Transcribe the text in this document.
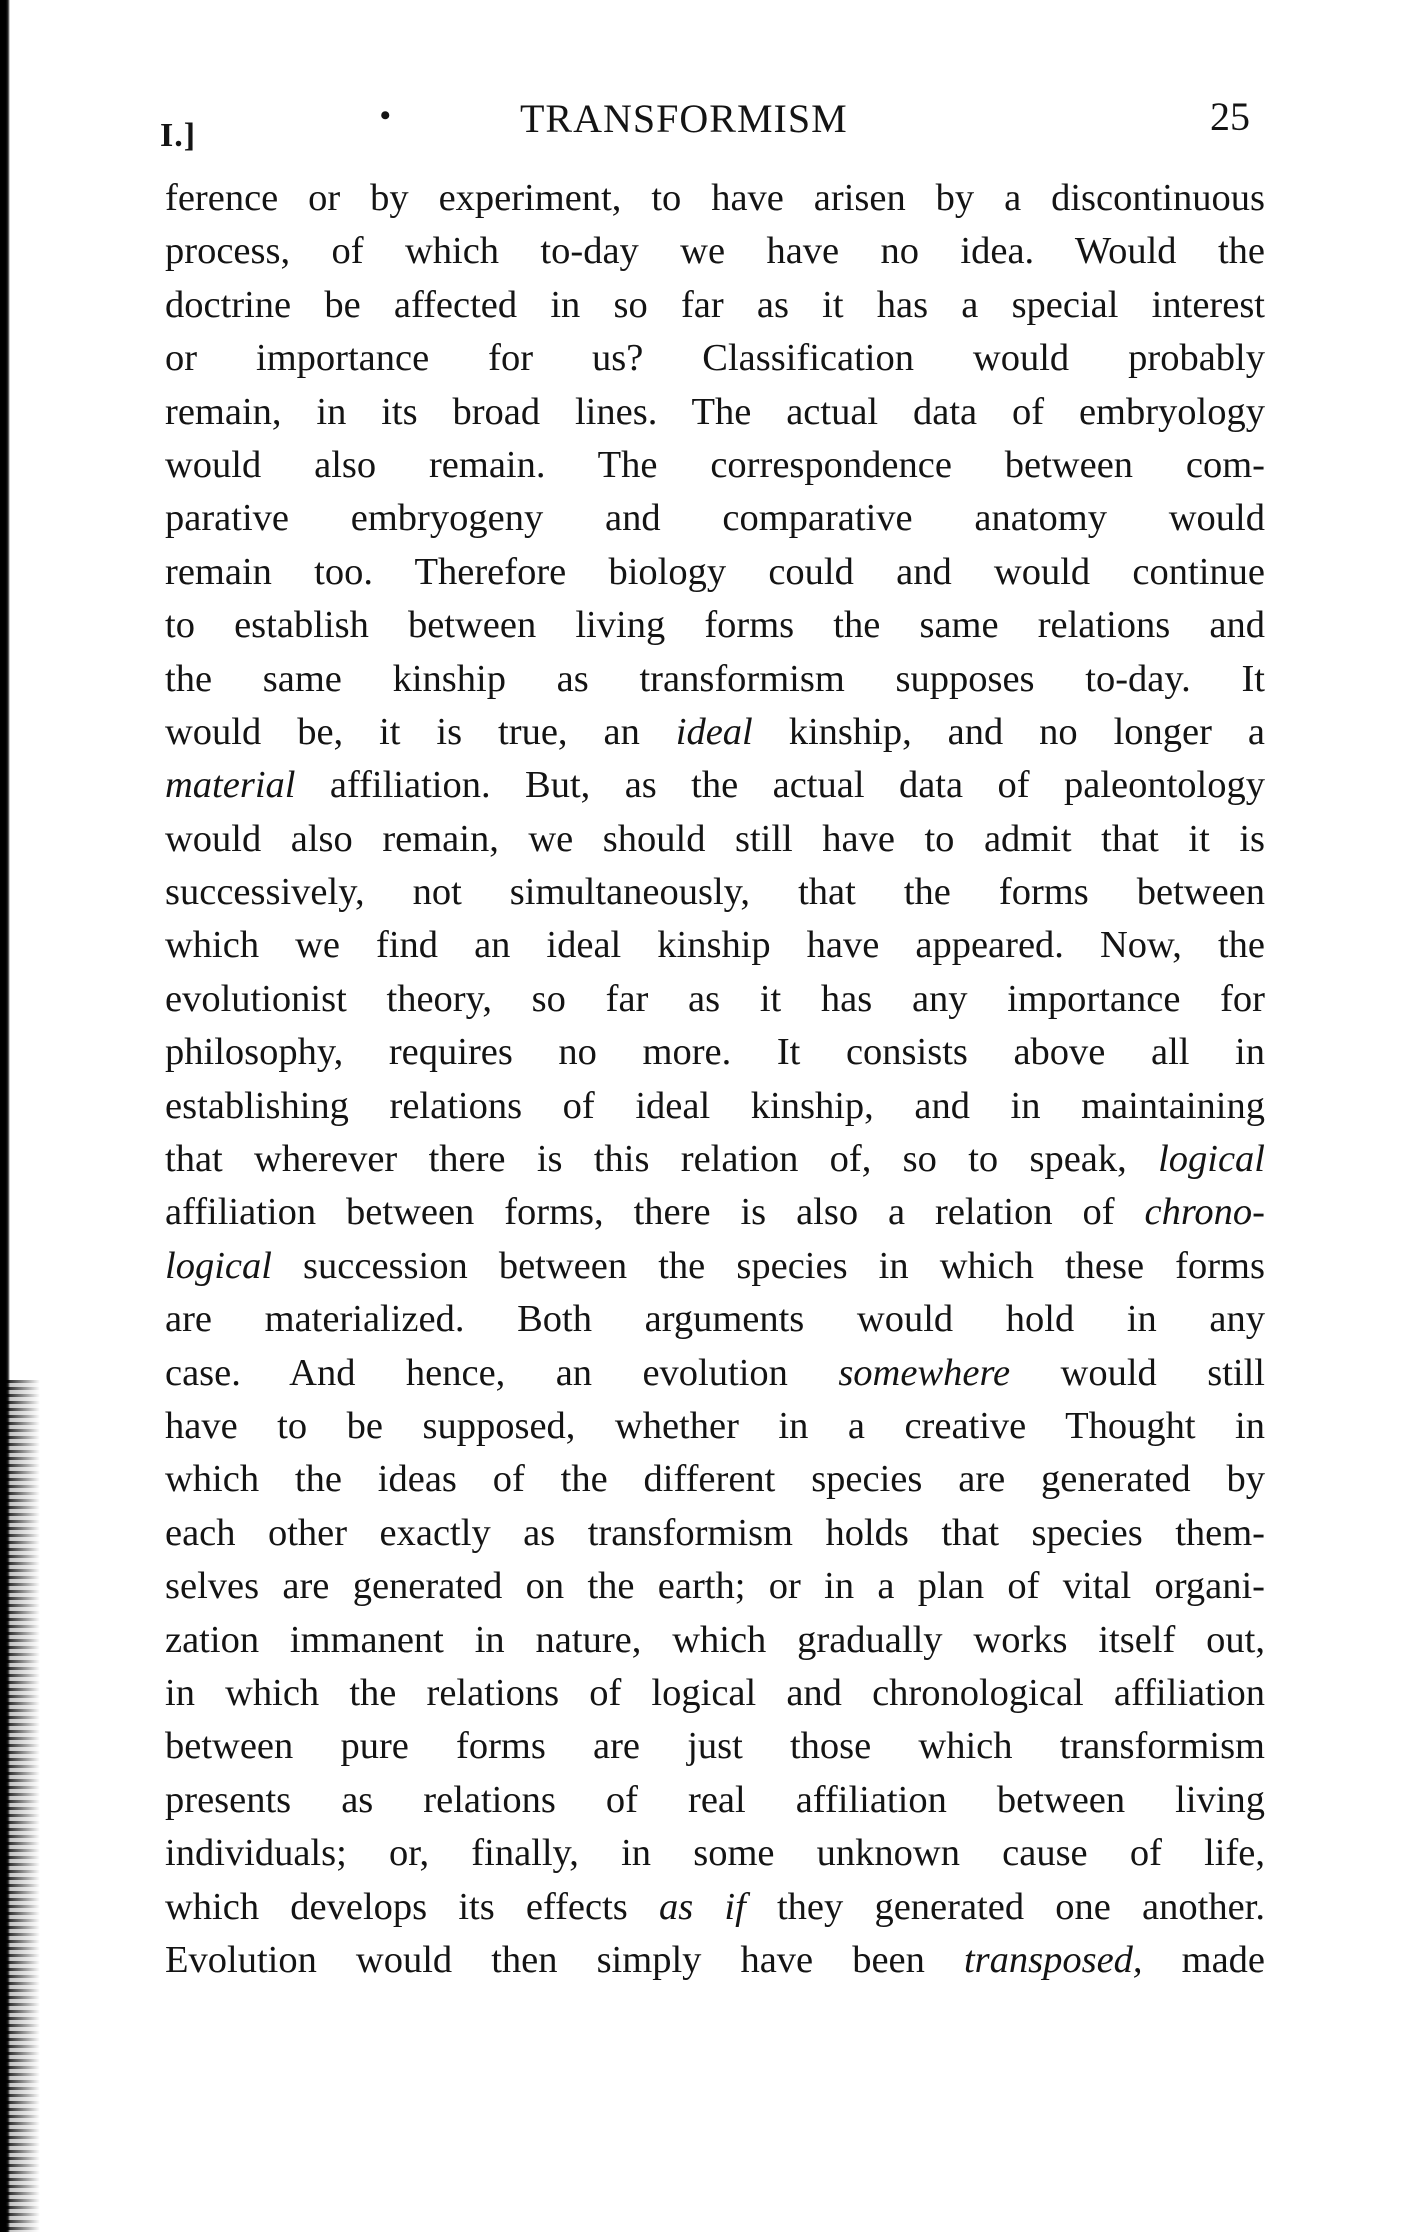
I.]
•	TRANSFORMISM	25
ference or by experiment, to have arisen by a discontinuous
process, of which to-day we have no idea. Would the
doctrine be affected in so far as it has a special interest
or importance for us? Classification would probably
remain, in its broad lines. The actual data of embryology
would also remain. The correspondence between com-
parative embryogeny and comparative anatomy would
remain too. Therefore biology could and would continue
to establish between living forms the same relations and
the same kinship as transformism supposes to-day. It
would be, it is true, an ideal kinship, and no longer a
material affiliation. But, as the actual data of paleontology
would also remain, we should still have to admit that it is
successively, not simultaneously, that the forms between
which we find an ideal kinship have appeared. Now, the
evolutionist theory, so far as it has any importance for
philosophy, requires no more. It consists above all in
establishing relations of ideal kinship, and in maintaining
that wherever there is this relation of, so to speak, logical
affiliation between forms, there is also a relation of chrono-
logical succession between the species in which these forms
are materialized. Both arguments would hold in any
case. And hence, an evolution somewhere would still
have to be supposed, whether in a creative Thought in
which the ideas of the different species are generated by
each other exactly as transformism holds that species them-
selves are generated on the earth; or in a plan of vital organi-
zation immanent in nature, which gradually works itself out,
in which the relations of logical and chronological affiliation
between pure forms are just those which transformism
presents as relations of real affiliation between living
individuals; or, finally, in some unknown cause of life,
which develops its effects as if they generated one another.
Evolution would then simply have been transposed, made
